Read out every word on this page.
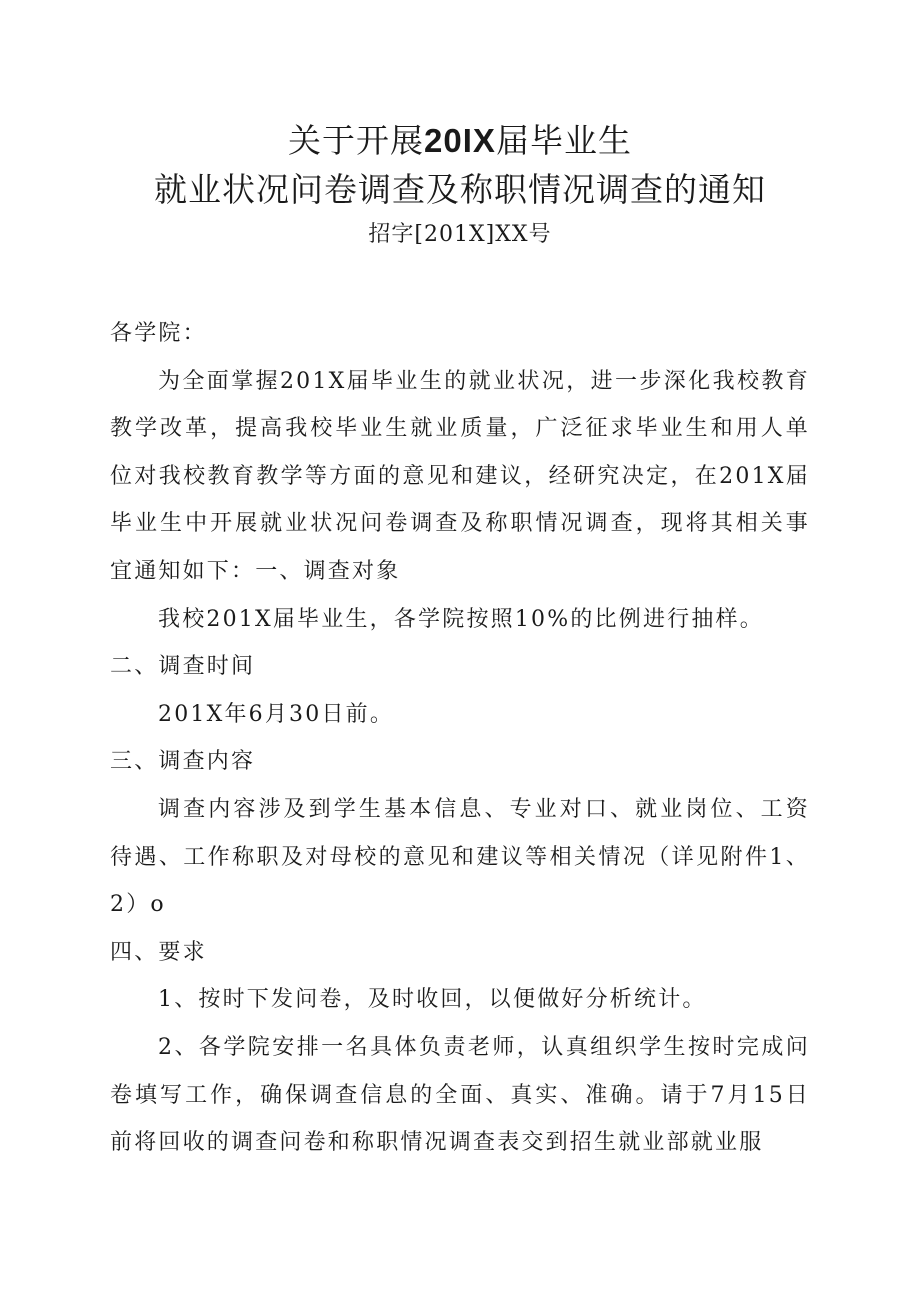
关于开展20IX届毕业生
就业状况问卷调查及称职情况调查的通知
招字[201X]XX号

各学院：

为全面掌握201X届毕业生的就业状况，进一步深化我校教育教学改革，提高我校毕业生就业质量，广泛征求毕业生和用人单位对我校教育教学等方面的意见和建议，经研究决定，在201X届毕业生中开展就业状况问卷调查及称职情况调查，现将其相关事宜通知如下：一、调查对象

我校201X届毕业生，各学院按照10%的比例进行抽样。

二、调查时间

201X年6月30日前。

三、调查内容

调查内容涉及到学生基本信息、专业对口、就业岗位、工资待遇、工作称职及对母校的意见和建议等相关情况（详见附件1、2）o

四、要求

1、按时下发问卷，及时收回，以便做好分析统计。

2、各学院安排一名具体负责老师，认真组织学生按时完成问卷填写工作，确保调查信息的全面、真实、准确。请于7月15日前将回收的调查问卷和称职情况调查表交到招生就业部就业服
